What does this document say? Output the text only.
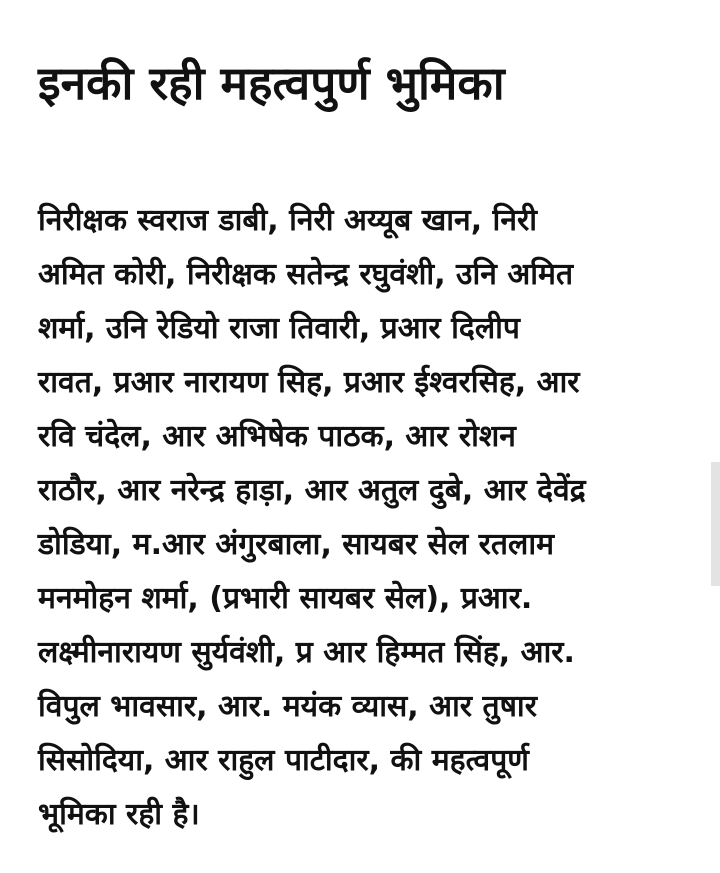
इनकी रही महत्वपुर्ण भुमिका

निरीक्षक स्वराज डाबी, निरी अय्यूब खान, निरी
अमित कोरी, निरीक्षक सतेन्द्र रघुवंशी, उनि अमित
शर्मा, उनि रेडियो राजा तिवारी, प्रआर दिलीप
रावत, प्रआर नारायण सिह, प्रआर ईश्वरसिह, आर
रवि चंदेल, आर अभिषेक पाठक, आर रोशन
राठौर, आर नरेन्द्र हाड़ा, आर अतुल दुबे, आर देवेंद्र
डोडिया, म.आर अंगुरबाला, सायबर सेल रतलाम
मनमोहन शर्मा, (प्रभारी सायबर सेल), प्रआर.
लक्ष्मीनारायण सुर्यवंशी, प्र आर हिम्मत सिंह, आर.
विपुल भावसार, आर. मयंक व्यास, आर तुषार
सिसोदिया, आर राहुल पाटीदार, की महत्वपूर्ण
भूमिका रही है।
